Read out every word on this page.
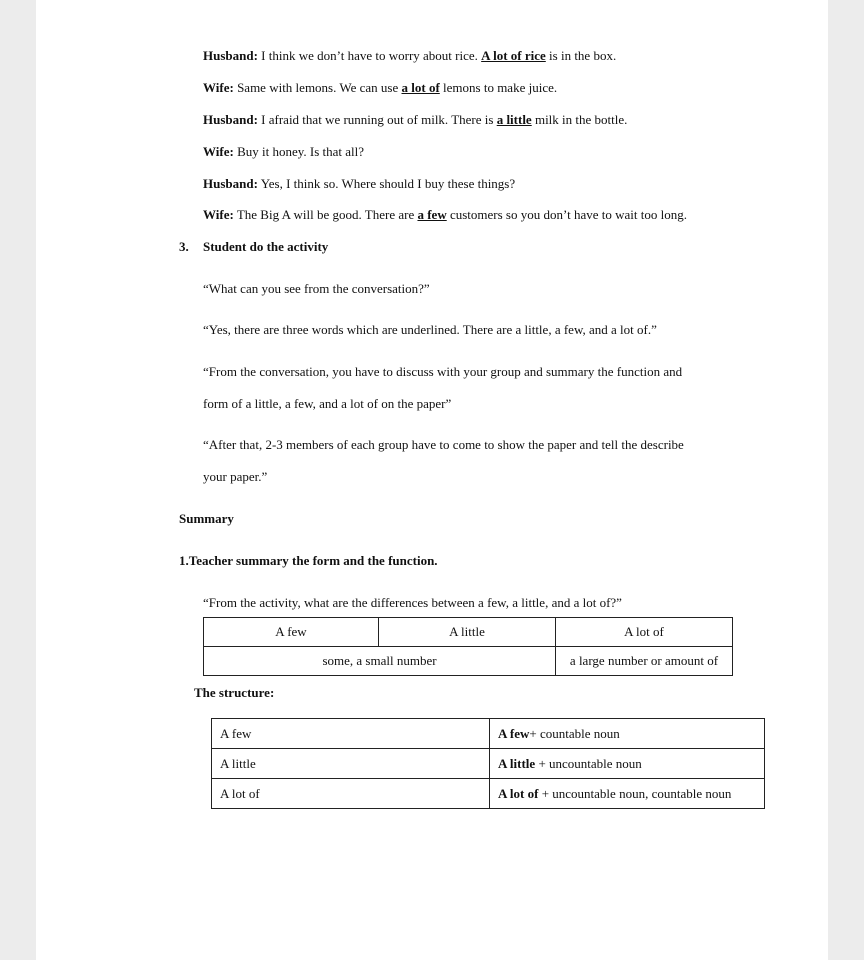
Husband: I think we don’t have to worry about rice. A lot of rice is in the box.
Wife: Same with lemons. We can use a lot of lemons to make juice.
Husband: I afraid that we running out of milk. There is a little milk in the bottle.
Wife: Buy it honey. Is that all?
Husband: Yes, I think so. Where should I buy these things?
Wife: The Big A will be good. There are a few customers so you don’t have to wait too long.
3. Student do the activity
“What can you see from the conversation?”
“Yes, there are three words which are underlined. There are a little, a few, and a lot of.”
“From the conversation, you have to discuss with your group and summary the function and
form of a little, a few, and a lot of on the paper”
“After that, 2-3 members of each group have to come to show the paper and tell the describe
your paper.”
Summary
1.Teacher summary the form and the function.
“From the activity, what are the differences between a few, a little, and a lot of?”
A few	A little	A lot of
some, a small number		a large number or amount of
The structure:
A few	A few+ countable noun
A little	A little + uncountable noun
A lot of	A lot of + uncountable noun, countable noun
